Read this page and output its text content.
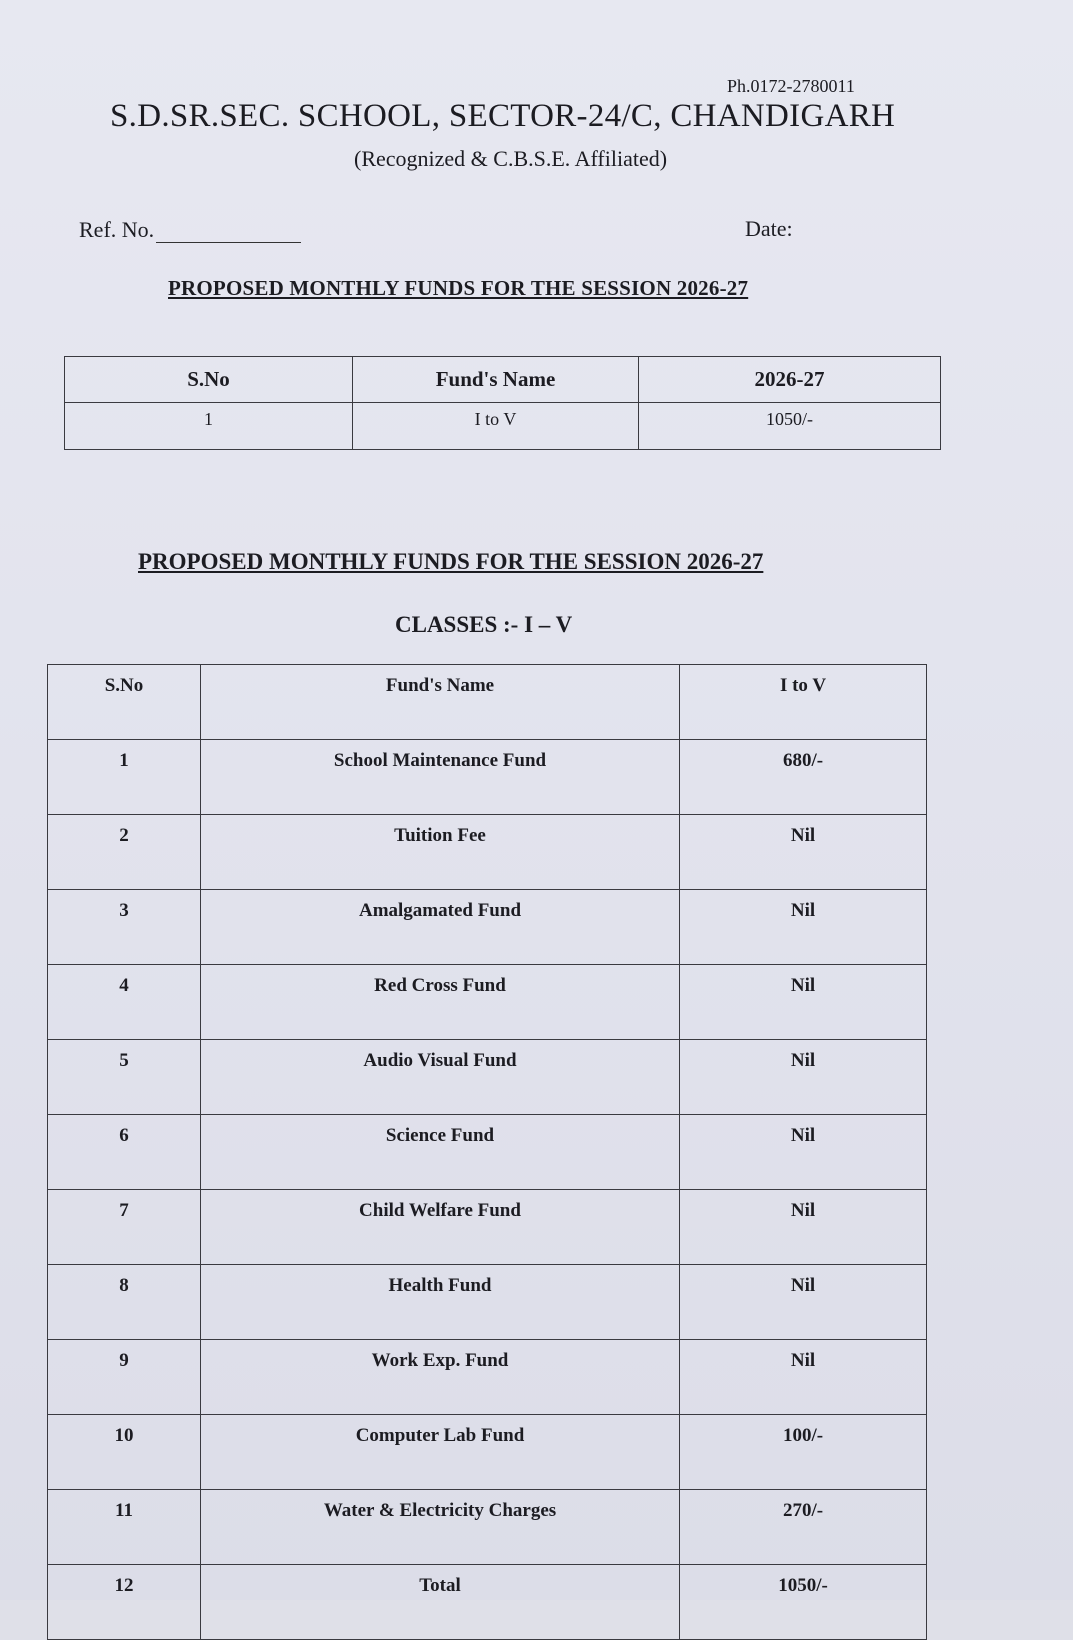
Ph.0172-2780011
S.D.SR.SEC. SCHOOL, SECTOR-24/C, CHANDIGARH
(Recognized & C.B.S.E. Affiliated)
Ref. No.	Date:
PROPOSED MONTHLY FUNDS FOR THE SESSION 2026-27
S.No	Fund's Name	2026-27
1	I to V	1050/-
PROPOSED MONTHLY FUNDS FOR THE SESSION 2026-27
CLASSES :- I – V
S.No	Fund's Name	I to V
1	School Maintenance Fund	680/-
2	Tuition Fee	Nil
3	Amalgamated Fund	Nil
4	Red Cross Fund	Nil
5	Audio Visual Fund	Nil
6	Science Fund	Nil
7	Child Welfare Fund	Nil
8	Health Fund	Nil
9	Work Exp. Fund	Nil
10	Computer Lab Fund	100/-
11	Water & Electricity Charges	270/-
12	Total	1050/-
